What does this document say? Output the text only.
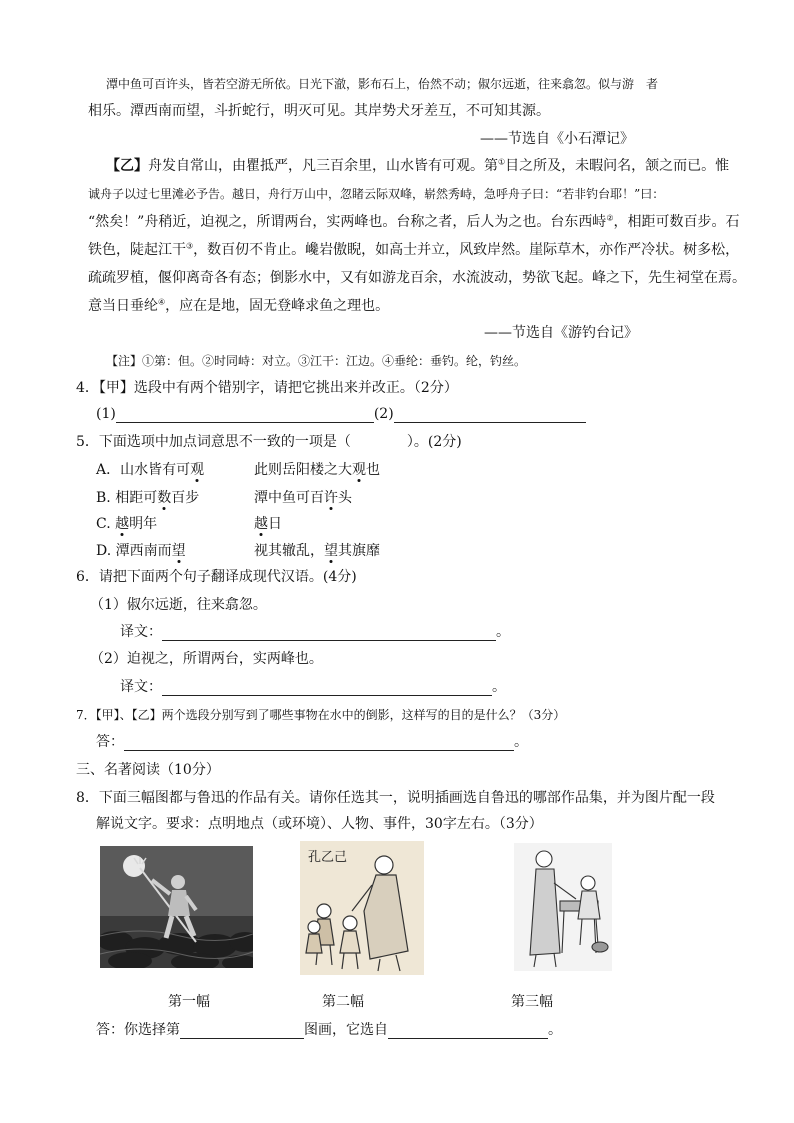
潭中鱼可百许头，皆若空游无所依。日光下澈，影布石上，佁然不动；俶尔远逝，往来翕忽。似与游　者
相乐。潭西南而望，斗折蛇行，明灭可见。其岸势犬牙差互，不可知其源。
——节选自《小石潭记》
【乙】舟发自常山，由瞿抵严，凡三百余里，山水皆有可观。第①目之所及，未暇问名，颔之而已。惟
诚舟子以过七里滩必予告。越日，舟行万山中，忽睹云际双峰，崭然秀峙，急呼舟子曰：“若非钓台耶！”曰：
“然矣！”舟稍近，迫视之，所谓两台，实两峰也。台称之者，后人为之也。台东西峙②，相距可数百步。石
铁色，陡起江干③，数百仞不肯止。巉岩傲睨，如高士并立，风致岸然。崖际草木，亦作严冷状。树多松，
疏疏罗植，偃仰离奇各有态；倒影水中，又有如游龙百余，水流波动，势欲飞起。峰之下，先生祠堂在焉。
意当日垂纶④，应在是地，固无登峰求鱼之理也。
——节选自《游钓台记》
【注】①第：但。②时同峙：对立。③江干：江边。④垂纶：垂钓。纶，钓丝。
4．【甲】选段中有两个错别字，请把它挑出来并改正。（2分）
(1)	(2)
5．下面选项中加点词意思不一致的一项是（　　　　）。(2分)
A．山水皆有可观	此则岳阳楼之大观也
B. 相距可数百步	潭中鱼可百许头
C. 越明年	越日
D. 潭西南而望	视其辙乱，望其旗靡
6．请把下面两个句子翻译成现代汉语。(4分)
（1）俶尔远逝，往来翕忽。
译文：	。
（2）迫视之，所谓两台，实两峰也。
译文：	。
7．【甲】、【乙】两个选段分别写到了哪些事物在水中的倒影，这样写的目的是什么？（3分）
答：	。
三、名著阅读（10分）
8．下面三幅图都与鲁迅的作品有关。请你任选其一，说明插画选自鲁迅的哪部作品集，并为图片配一段
解说文字。要求：点明地点（或环境）、人物、事件，30字左右。（3分）
孔乙己
第一幅	第二幅	第三幅
答：你选择第	图画，它选自	。
